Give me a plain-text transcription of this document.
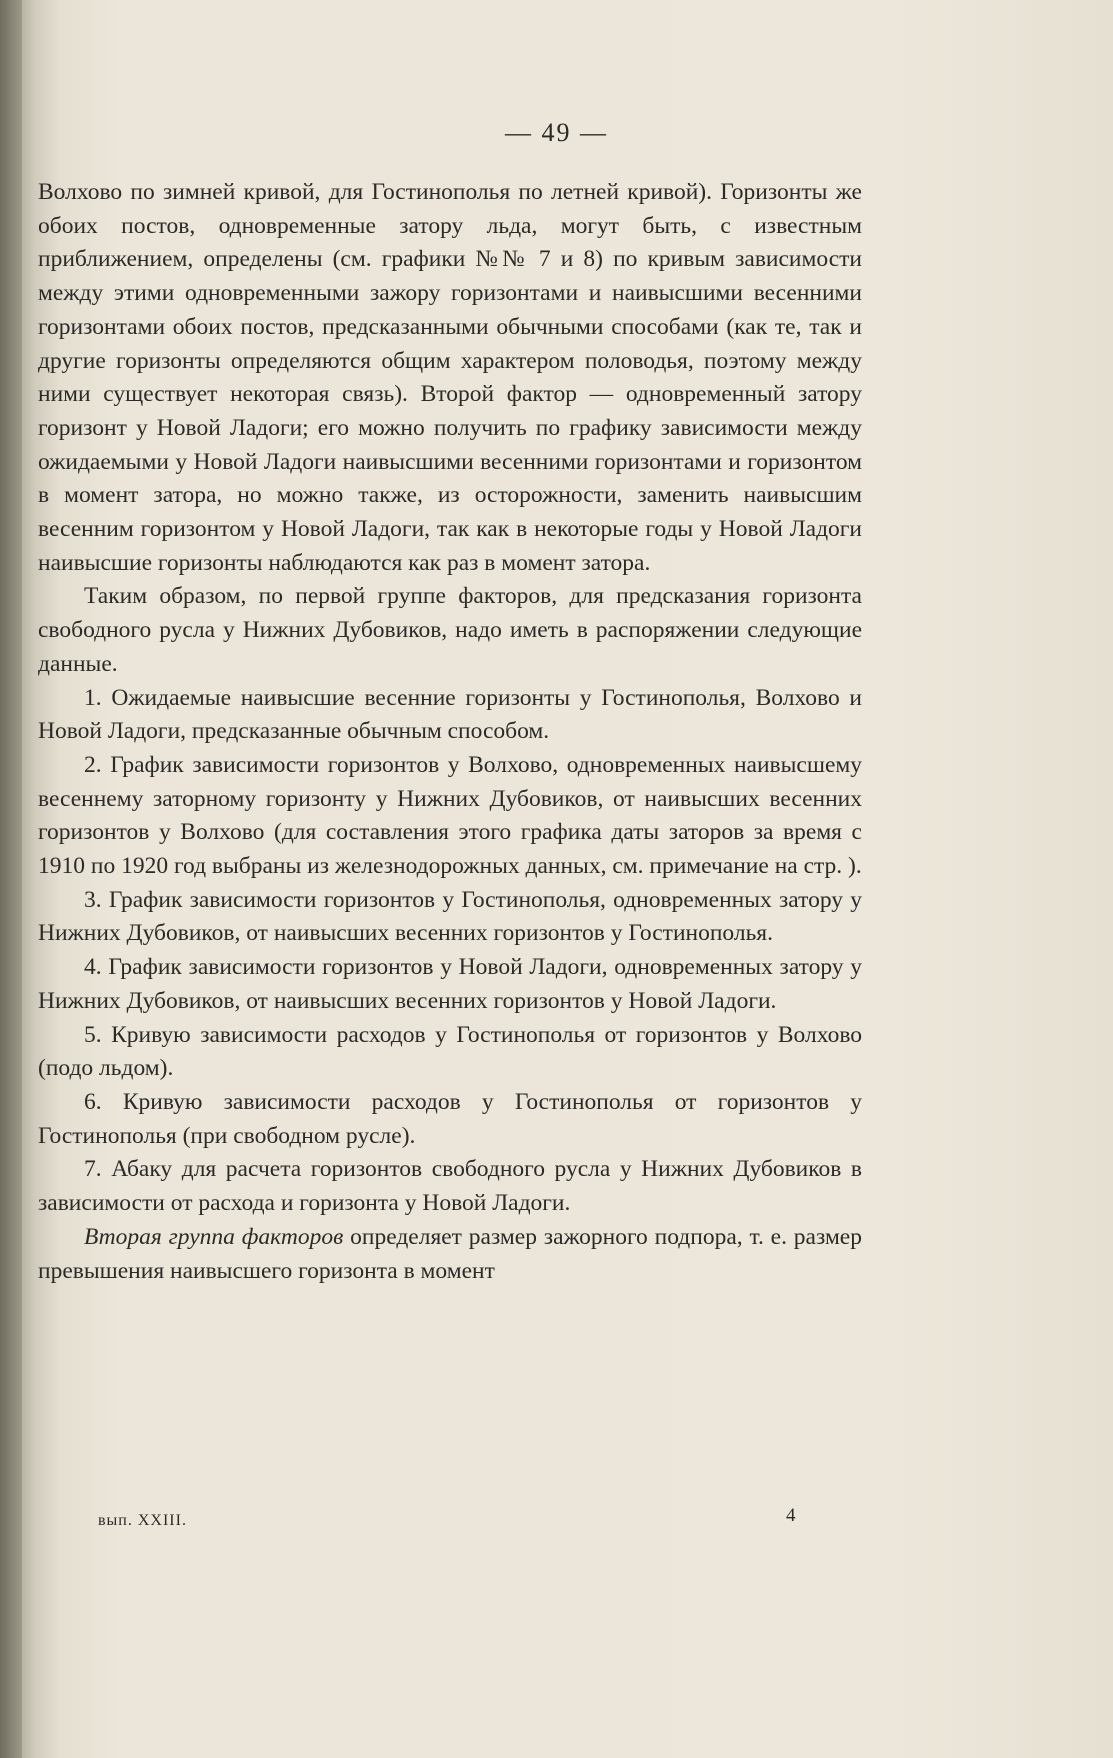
— 49 —

Волхово по зимней кривой, для Гостинополья по летней кривой). Горизонты же обоих постов, одновременные затору льда, могут быть, с известным приближением, определены (см. графики №№ 7 и 8) по кривым зависимости между этими одновременными зажору горизонтами и наивысшими весенними горизонтами обоих постов, предсказанными обычными способами (как те, так и другие горизонты определяются общим характером половодья, поэтому между ними существует некоторая связь). Второй фактор — одновременный затору горизонт у Новой Ладоги; его можно получить по графику зависимости между ожидаемыми у Новой Ладоги наивысшими весенними горизонтами и горизонтом в момент затора, но можно также, из осторожности, заменить наивысшим весенним горизонтом у Новой Ладоги, так как в некоторые годы у Новой Ладоги наивысшие горизонты наблюдаются как раз в момент затора.

Таким образом, по первой группе факторов, для предсказания горизонта свободного русла у Нижних Дубовиков, надо иметь в распоряжении следующие данные.

1. Ожидаемые наивысшие весенние горизонты у Гостинополья, Волхово и Новой Ладоги, предсказанные обычным способом.

2. График зависимости горизонтов у Волхово, одновременных наивысшему весеннему заторному горизонту у Нижних Дубовиков, от наивысших весенних горизонтов у Волхово (для составления этого графика даты заторов за время с 1910 по 1920 год выбраны из железнодорожных данных, см. примечание на стр. ).

3. График зависимости горизонтов у Гостинополья, одновременных затору у Нижних Дубовиков, от наивысших весенних горизонтов у Гостинополья.

4. График зависимости горизонтов у Новой Ладоги, одновременных затору у Нижних Дубовиков, от наивысших весенних горизонтов у Новой Ладоги.

5. Кривую зависимости расходов у Гостинополья от горизонтов у Волхово (подо льдом).

6. Кривую зависимости расходов у Гостинополья от горизонтов у Гостинополья (при свободном русле).

7. Абаку для расчета горизонтов свободного русла у Нижних Дубовиков в зависимости от расхода и горизонта у Новой Ладоги.

Вторая группа факторов определяет размер зажорного подпора, т. е. размер превышения наивысшего горизонта в момент

вып. XXIII.	4
